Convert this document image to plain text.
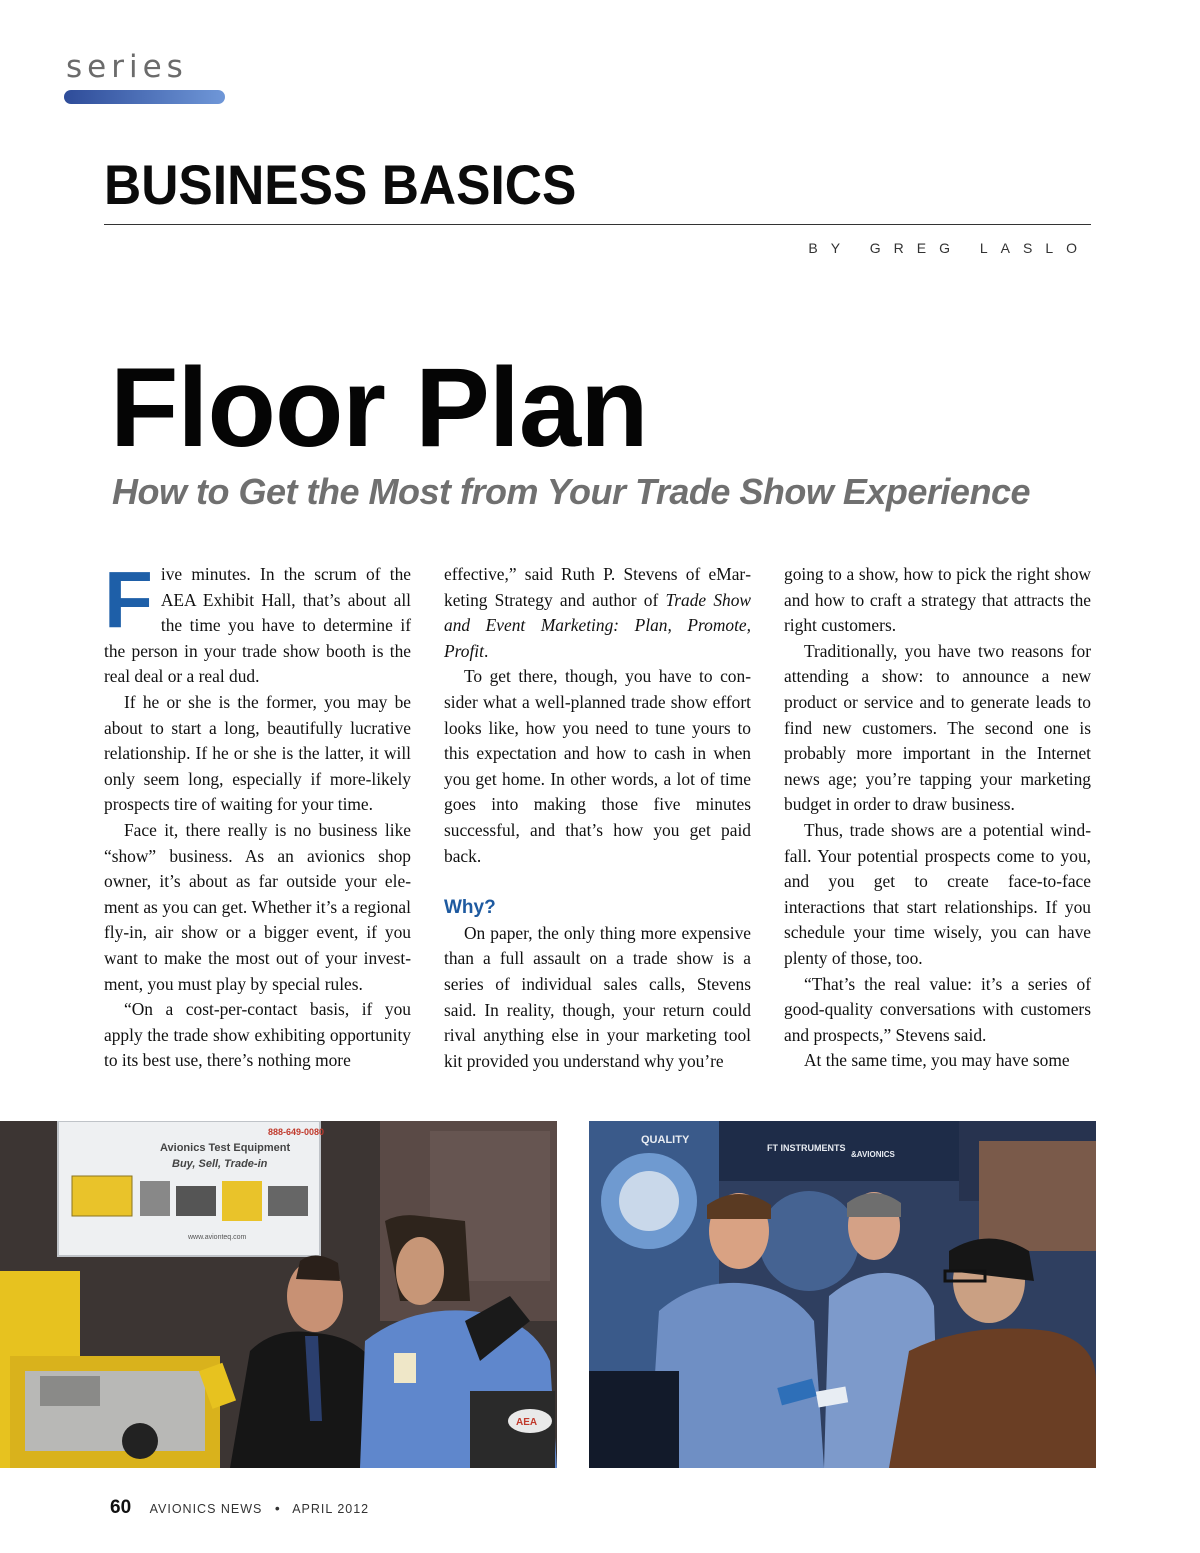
series
BUSINESS BASICS
BY GREG LASLO
Floor Plan
How to Get the Most from Your Trade Show Experience

Five minutes. In the scrum of the AEA Exhibit Hall, that’s about all the time you have to determine if the person in your trade show booth is the real deal or a real dud.

If he or she is the former, you may be about to start a long, beautifully lucrative relationship. If he or she is the latter, it will only seem long, especially if more-likely prospects tire of waiting for your time.

Face it, there really is no business like “show” business. As an avionics shop owner, it’s about as far outside your element as you can get. Whether it’s a regional fly-in, air show or a bigger event, if you want to make the most out of your investment, you must play by special rules.

“On a cost-per-contact basis, if you apply the trade show exhibiting opportunity to its best use, there’s nothing more

effective,” said Ruth P. Stevens of eMarketing Strategy and author of Trade Show and Event Marketing: Plan, Promote, Profit.

To get there, though, you have to consider what a well-planned trade show effort looks like, how you need to tune yours to this expectation and how to cash in when you get home. In other words, a lot of time goes into making those five minutes successful, and that’s how you get paid back.

Why?

On paper, the only thing more expensive than a full assault on a trade show is a series of individual sales calls, Stevens said. In reality, though, your return could rival anything else in your marketing tool kit provided you understand why you’re

going to a show, how to pick the right show and how to craft a strategy that attracts the right customers.

Traditionally, you have two reasons for attending a show: to announce a new product or service and to generate leads to find new customers. The second one is probably more important in the Internet news age; you’re tapping your marketing budget in order to draw business.

Thus, trade shows are a potential windfall. Your potential prospects come to you, and you get to create face-to-face interactions that start relationships. If you schedule your time wisely, you can have plenty of those, too.

“That’s the real value: it’s a series of good-quality conversations with customers and prospects,” Stevens said.

At the same time, you may have some

888-649-0080
Avionics Test Equipment
Buy, Sell, Trade-in
www.avionteq.com
AEA
QUALITY
FT INSTRUMENTS
&AVIONICS
60 AVIONICS NEWS • APRIL 2012
